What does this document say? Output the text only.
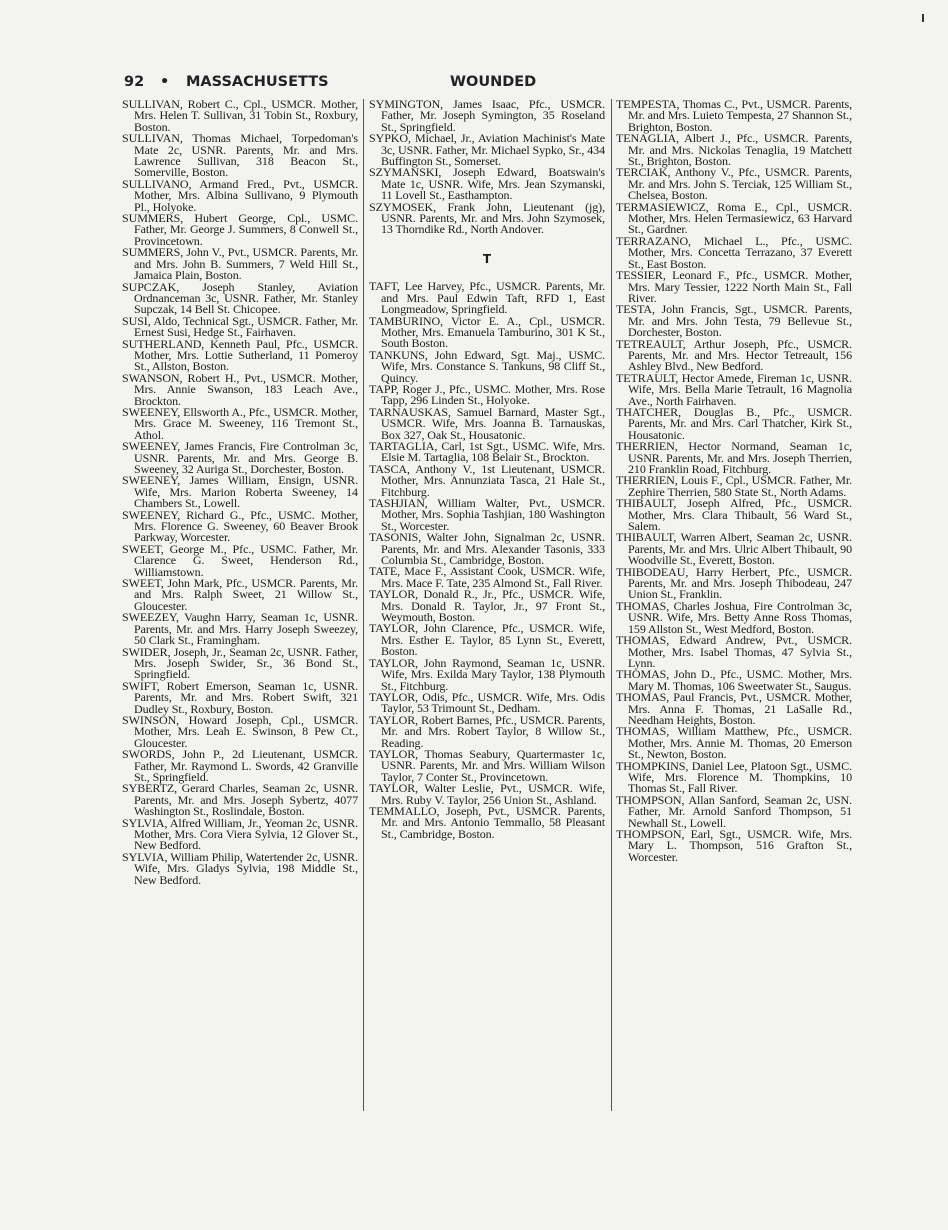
92 • MASSACHUSETTS	WOUNDED

SULLIVAN, Robert C., Cpl., USMCR. Mother, Mrs. Helen T. Sullivan, 31 Tobin St., Roxbury, Boston.

SULLIVAN, Thomas Michael, Torpedoman's Mate 2c, USNR. Parents, Mr. and Mrs. Lawrence Sullivan, 318 Beacon St., Somerville, Boston.

SULLIVANO, Armand Fred., Pvt., USMCR. Mother, Mrs. Albina Sullivano, 9 Plymouth Pl., Holyoke.

SUMMERS, Hubert George, Cpl., USMC. Father, Mr. George J. Summers, 8 Conwell St., Provincetown.

SUMMERS, John V., Pvt., USMCR. Parents, Mr. and Mrs. John B. Summers, 7 Weld Hill St., Jamaica Plain, Boston.

SUPCZAK, Joseph Stanley, Aviation Ordnanceman 3c, USNR. Father, Mr. Stanley Supczak, 14 Bell St. Chicopee.

SUSI, Aldo, Technical Sgt., USMCR. Father, Mr. Ernest Susi, Hedge St., Fairhaven.

SUTHERLAND, Kenneth Paul, Pfc., USMCR. Mother, Mrs. Lottie Sutherland, 11 Pomeroy St., Allston, Boston.

SWANSON, Robert H., Pvt., USMCR. Mother, Mrs. Annie Swanson, 183 Leach Ave., Brockton.

SWEENEY, Ellsworth A., Pfc., USMCR. Mother, Mrs. Grace M. Sweeney, 116 Tremont St., Athol.

SWEENEY, James Francis, Fire Controlman 3c, USNR. Parents, Mr. and Mrs. George B. Sweeney, 32 Auriga St., Dorchester, Boston.

SWEENEY, James William, Ensign, USNR. Wife, Mrs. Marion Roberta Sweeney, 14 Chambers St., Lowell.

SWEENEY, Richard G., Pfc., USMC. Mother, Mrs. Florence G. Sweeney, 60 Beaver Brook Parkway, Worcester.

SWEET, George M., Pfc., USMC. Father, Mr. Clarence G. Sweet, Henderson Rd., Williamstown.

SWEET, John Mark, Pfc., USMCR. Parents, Mr. and Mrs. Ralph Sweet, 21 Willow St., Gloucester.

SWEEZEY, Vaughn Harry, Seaman 1c, USNR. Parents, Mr. and Mrs. Harry Joseph Sweezey, 50 Clark St., Framingham.

SWIDER, Joseph, Jr., Seaman 2c, USNR. Father, Mrs. Joseph Swider, Sr., 36 Bond St., Springfield.

SWIFT, Robert Emerson, Seaman 1c, USNR. Parents, Mr. and Mrs. Robert Swift, 321 Dudley St., Roxbury, Boston.

SWINSON, Howard Joseph, Cpl., USMCR. Mother, Mrs. Leah E. Swinson, 8 Pew Ct., Gloucester.

SWORDS, John P., 2d Lieutenant, USMCR. Father, Mr. Raymond L. Swords, 42 Granville St., Springfield.

SYBERTZ, Gerard Charles, Seaman 2c, USNR. Parents, Mr. and Mrs. Joseph Sybertz, 4077 Washington St., Roslindale, Boston.

SYLVIA, Alfred William, Jr., Yeoman 2c, USNR. Mother, Mrs. Cora Viera Sylvia, 12 Glover St., New Bedford.

SYLVIA, William Philip, Watertender 2c, USNR. Wife, Mrs. Gladys Sylvia, 198 Middle St., New Bedford.

SYMINGTON, James Isaac, Pfc., USMCR. Father, Mr. Joseph Symington, 35 Roseland St., Springfield.

SYPKO, Michael, Jr., Aviation Machinist's Mate 3c, USNR. Father, Mr. Michael Sypko, Sr., 434 Buffington St., Somerset.

SZYMANSKI, Joseph Edward, Boatswain's Mate 1c, USNR. Wife, Mrs. Jean Szymanski, 11 Lovell St., Easthampton.

SZYMOSEK, Frank John, Lieutenant (jg), USNR. Parents, Mr. and Mrs. John Szymosek, 13 Thorndike Rd., North Andover.

T

TAFT, Lee Harvey, Pfc., USMCR. Parents, Mr. and Mrs. Paul Edwin Taft, RFD 1, East Longmeadow, Springfield.

TAMBURINO, Victor E. A., Cpl., USMCR. Mother, Mrs. Emanuela Tamburino, 301 K St., South Boston.

TANKUNS, John Edward, Sgt. Maj., USMC. Wife, Mrs. Constance S. Tankuns, 98 Cliff St., Quincy.

TAPP, Roger J., Pfc., USMC. Mother, Mrs. Rose Tapp, 296 Linden St., Holyoke.

TARNAUSKAS, Samuel Barnard, Master Sgt., USMCR. Wife, Mrs. Joanna B. Tarnauskas, Box 327, Oak St., Housatonic.

TARTAGLIA, Carl, 1st Sgt., USMC. Wife, Mrs. Elsie M. Tartaglia, 108 Belair St., Brockton.

TASCA, Anthony V., 1st Lieutenant, USMCR. Mother, Mrs. Annunziata Tasca, 21 Hale St., Fitchburg.

TASHJIAN, William Walter, Pvt., USMCR. Mother, Mrs. Sophia Tashjian, 180 Washington St., Worcester.

TASONIS, Walter John, Signalman 2c, USNR. Parents, Mr. and Mrs. Alexander Tasonis, 333 Columbia St., Cambridge, Boston.

TATE, Mace F., Assistant Cook, USMCR. Wife, Mrs. Mace F. Tate, 235 Almond St., Fall River.

TAYLOR, Donald R., Jr., Pfc., USMCR. Wife, Mrs. Donald R. Taylor, Jr., 97 Front St., Weymouth, Boston.

TAYLOR, John Clarence, Pfc., USMCR. Wife, Mrs. Esther E. Taylor, 85 Lynn St., Everett, Boston.

TAYLOR, John Raymond, Seaman 1c, USNR. Wife, Mrs. Exilda Mary Taylor, 138 Plymouth St., Fitchburg.

TAYLOR, Odis, Pfc., USMCR. Wife, Mrs. Odis Taylor, 53 Trimount St., Dedham.

TAYLOR, Robert Barnes, Pfc., USMCR. Parents, Mr. and Mrs. Robert Taylor, 8 Willow St., Reading.

TAYLOR, Thomas Seabury, Quartermaster 1c, USNR. Parents, Mr. and Mrs. William Wilson Taylor, 7 Conter St., Provincetown.

TAYLOR, Walter Leslie, Pvt., USMCR. Wife, Mrs. Ruby V. Taylor, 256 Union St., Ashland.

TEMMALLO, Joseph, Pvt., USMCR. Parents, Mr. and Mrs. Antonio Temmallo, 58 Pleasant St., Cambridge, Boston.

TEMPESTA, Thomas C., Pvt., USMCR. Parents, Mr. and Mrs. Luieto Tempesta, 27 Shannon St., Brighton, Boston.

TENAGLIA, Albert J., Pfc., USMCR. Parents, Mr. and Mrs. Nickolas Tenaglia, 19 Matchett St., Brighton, Boston.

TERCIAK, Anthony V., Pfc., USMCR. Parents, Mr. and Mrs. John S. Terciak, 125 William St., Chelsea, Boston.

TERMASIEWICZ, Roma E., Cpl., USMCR. Mother, Mrs. Helen Termasiewicz, 63 Harvard St., Gardner.

TERRAZANO, Michael L., Pfc., USMC. Mother, Mrs. Concetta Terrazano, 37 Everett St., East Boston.

TESSIER, Leonard F., Pfc., USMCR. Mother, Mrs. Mary Tessier, 1222 North Main St., Fall River.

TESTA, John Francis, Sgt., USMCR. Parents, Mr. and Mrs. John Testa, 79 Bellevue St., Dorchester, Boston.

TETREAULT, Arthur Joseph, Pfc., USMCR. Parents, Mr. and Mrs. Hector Tetreault, 156 Ashley Blvd., New Bedford.

TETRAULT, Hector Amede, Fireman 1c, USNR. Wife, Mrs. Bella Marie Tetrault, 16 Magnolia Ave., North Fairhaven.

THATCHER, Douglas B., Pfc., USMCR. Parents, Mr. and Mrs. Carl Thatcher, Kirk St., Housatonic.

THERRIEN, Hector Normand, Seaman 1c, USNR. Parents, Mr. and Mrs. Joseph Therrien, 210 Franklin Road, Fitchburg.

THERRIEN, Louis F., Cpl., USMCR. Father, Mr. Zephire Therrien, 580 State St., North Adams.

THIBAULT, Joseph Alfred, Pfc., USMCR. Mother, Mrs. Clara Thibault, 56 Ward St., Salem.

THIBAULT, Warren Albert, Seaman 2c, USNR. Parents, Mr. and Mrs. Ulric Albert Thibault, 90 Woodville St., Everett, Boston.

THIBODEAU, Harry Herbert, Pfc., USMCR. Parents, Mr. and Mrs. Joseph Thibodeau, 247 Union St., Franklin.

THOMAS, Charles Joshua, Fire Controlman 3c, USNR. Wife, Mrs. Betty Anne Ross Thomas, 159 Allston St., West Medford, Boston.

THOMAS, Edward Andrew, Pvt., USMCR. Mother, Mrs. Isabel Thomas, 47 Sylvia St., Lynn.

THOMAS, John D., Pfc., USMC. Mother, Mrs. Mary M. Thomas, 106 Sweetwater St., Saugus.

THOMAS, Paul Francis, Pvt., USMCR. Mother, Mrs. Anna F. Thomas, 21 LaSalle Rd., Needham Heights, Boston.

THOMAS, William Matthew, Pfc., USMCR. Mother, Mrs. Annie M. Thomas, 20 Emerson St., Newton, Boston.

THOMPKINS, Daniel Lee, Platoon Sgt., USMC. Wife, Mrs. Florence M. Thompkins, 10 Thomas St., Fall River.

THOMPSON, Allan Sanford, Seaman 2c, USN. Father, Mr. Arnold Sanford Thompson, 51 Newhall St., Lowell.

THOMPSON, Earl, Sgt., USMCR. Wife, Mrs. Mary L. Thompson, 516 Grafton St., Worcester.
